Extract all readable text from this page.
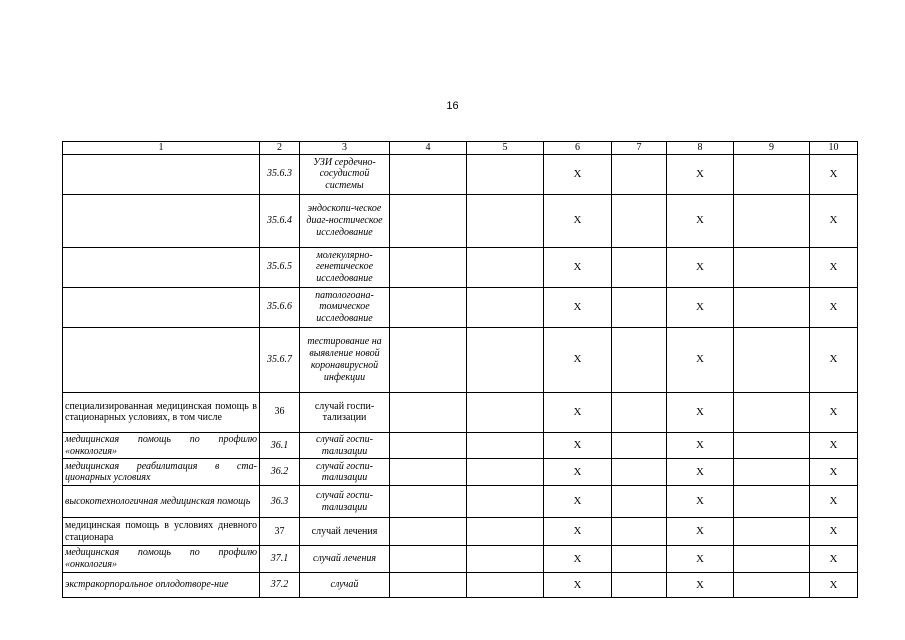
16
1	2	3	4	5	6	7	8	9	10
	35.6.3	УЗИ сердечно-сосудистой системы			X		X		X
	35.6.4	эндоскопи-ческое диаг-ностическое исследование			X		X		X
	35.6.5	молекулярно-генетическое исследование			X		X		X
	35.6.6	патологоана-томическое исследование			X		X		X
	35.6.7	тестирование на выявление новой коронавирусной инфекции			X		X		X
специализированная медицинская помощь в стационарных условиях, в том числе	36	случай госпи-тализации			X		X		X
медицинская помощь по профилю «онкология»	36.1	случай госпи-тализации			X		X		X
медицинская реабилитация в ста-ционарных условиях	36.2	случай госпи-тализации			X		X		X
высокотехнологичная медицинская помощь	36.3	случай госпи-тализации			X		X		X
медицинская помощь в условиях дневного стационара	37	случай лечения			X		X		X
медицинская помощь по профилю «онкология»	37.1	случай лечения			X		X		X
экстракорпоральное оплодотворе-ние	37.2	случай			X		X		X
